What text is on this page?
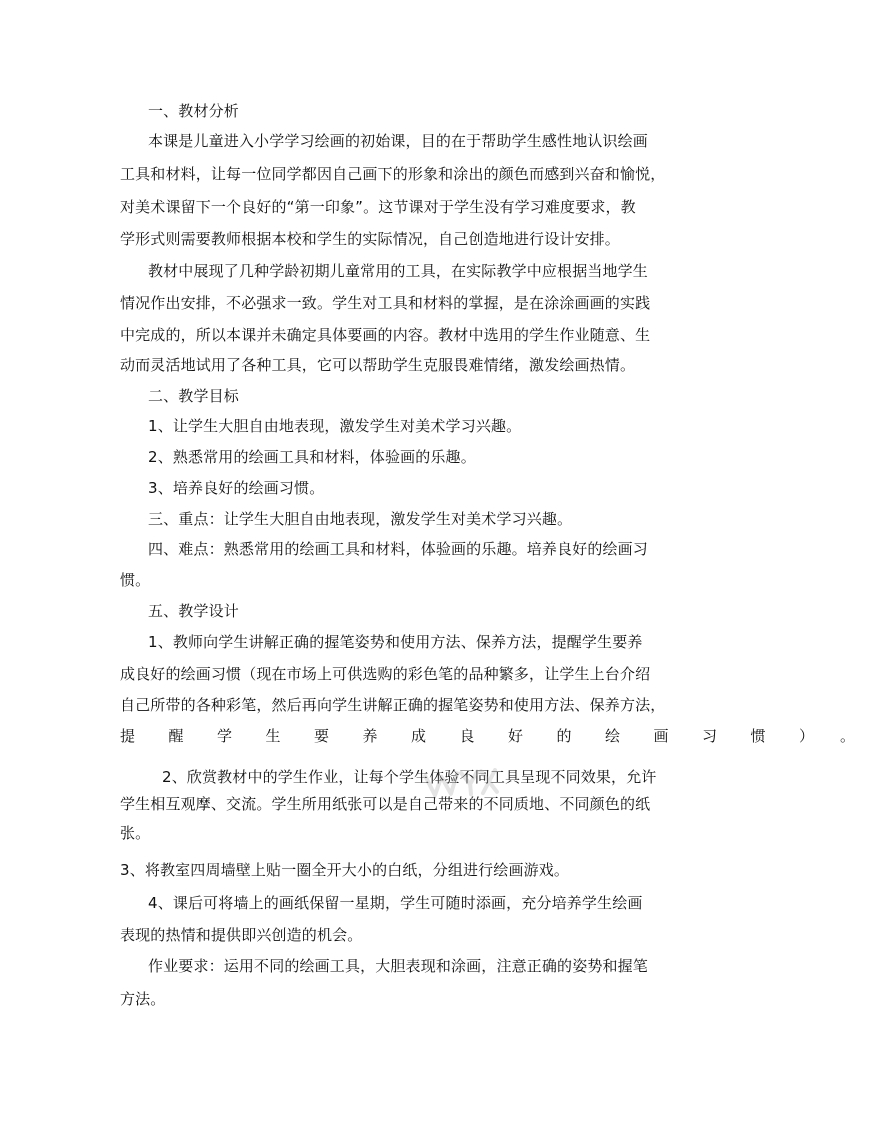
一、教材分析
本课是儿童进入小学学习绘画的初始课，目的在于帮助学生感性地认识绘画
工具和材料，让每一位同学都因自己画下的形象和涂出的颜色而感到兴奋和愉悦，
对美术课留下一个良好的“第一印象”。这节课对于学生没有学习难度要求，教
学形式则需要教师根据本校和学生的实际情况，自己创造地进行设计安排。
教材中展现了几种学龄初期儿童常用的工具，在实际教学中应根据当地学生
情况作出安排，不必强求一致。学生对工具和材料的掌握，是在涂涂画画的实践
中完成的，所以本课并未确定具体要画的内容。教材中选用的学生作业随意、生
动而灵活地试用了各种工具，它可以帮助学生克服畏难情绪，激发绘画热情。
二、教学目标
1、让学生大胆自由地表现，激发学生对美术学习兴趣。
2、熟悉常用的绘画工具和材料，体验画的乐趣。
3、培养良好的绘画习惯。
三、重点：让学生大胆自由地表现，激发学生对美术学习兴趣。
四、难点：熟悉常用的绘画工具和材料，体验画的乐趣。培养良好的绘画习
惯。
五、教学设计
1、教师向学生讲解正确的握笔姿势和使用方法、保养方法，提醒学生要养
成良好的绘画习惯（现在市场上可供选购的彩色笔的品种繁多，让学生上台介绍
自己所带的各种彩笔，然后再向学生讲解正确的握笔姿势和使用方法、保养方法，
提醒学生要养成良好的绘画习惯）。
2、欣赏教材中的学生作业，让每个学生体验不同工具呈现不同效果，允许
学生相互观摩、交流。学生所用纸张可以是自己带来的不同质地、不同颜色的纸
张。
3、将教室四周墙壁上贴一圈全开大小的白纸，分组进行绘画游戏。
4、课后可将墙上的画纸保留一星期，学生可随时添画，充分培养学生绘画
表现的热情和提供即兴创造的机会。
作业要求：运用不同的绘画工具，大胆表现和涂画，注意正确的姿势和握笔
方法。
